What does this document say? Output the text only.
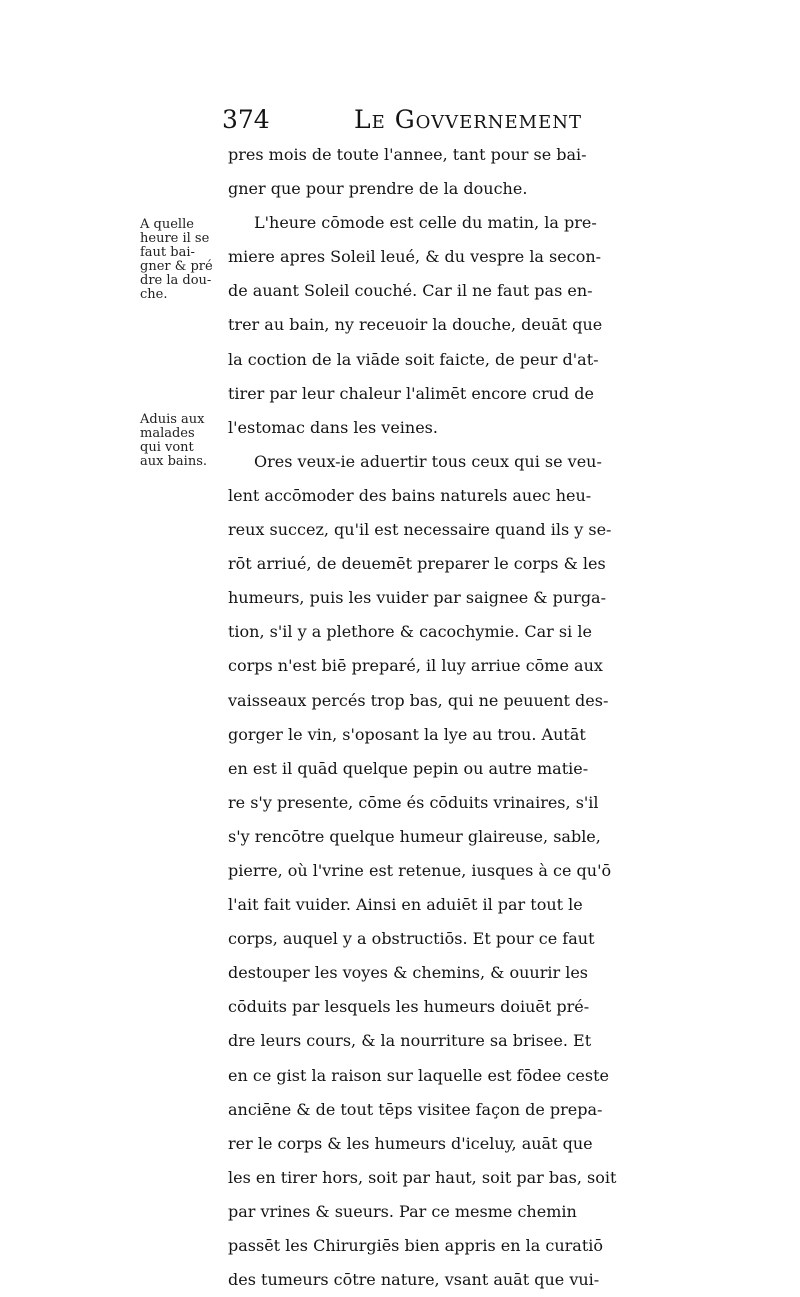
374	Le Govvernement
A quelle
heure il se
faut bai-
gner & pré
dre la dou-
che.
Aduis aux
malades
qui vont
aux bains.
pres mois de toute l'annee, tant pour se bai-
gner que pour prendre de la douche.
L'heure cōmode est celle du matin, la pre-
miere apres Soleil leué, & du vespre la secon-
de auant Soleil couché. Car il ne faut pas en-
trer au bain, ny receuoir la douche, deuāt que
la coction de la viāde soit faicte, de peur d'at-
tirer par leur chaleur l'alimēt encore crud de
l'estomac dans les veines.
Ores veux-ie aduertir tous ceux qui se veu-
lent accōmoder des bains naturels auec heu-
reux succez, qu'il est necessaire quand ils y se-
rōt arriué, de deuemēt preparer le corps & les
humeurs, puis les vuider par saignee & purga-
tion, s'il y a plethore & cacochymie. Car si le
corps n'est biē preparé, il luy arriue cōme aux
vaisseaux percés trop bas, qui ne peuuent des-
gorger le vin, s'oposant la lye au trou. Autāt
en est il quād quelque pepin ou autre matie-
re s'y presente, cōme és cōduits vrinaires, s'il
s'y rencōtre quelque humeur glaireuse, sable,
pierre, où l'vrine est retenue, iusques à ce qu'ō
l'ait fait vuider. Ainsi en aduiēt il par tout le
corps, auquel y a obstructiōs. Et pour ce faut
destouper les voyes & chemins, & ouurir les
cōduits par lesquels les humeurs doiuēt pré-
dre leurs cours, & la nourriture sa brisee. Et
en ce gist la raison sur laquelle est fōdee ceste
anciēne & de tout tēps visitee façon de prepa-
rer le corps & les humeurs d'iceluy, auāt que
les en tirer hors, soit par haut, soit par bas, soit
par vrines & sueurs. Par ce mesme chemin
passēt les Chirurgiēs bien appris en la curatiō
des tumeurs cōtre nature, vsant auāt que vui-
